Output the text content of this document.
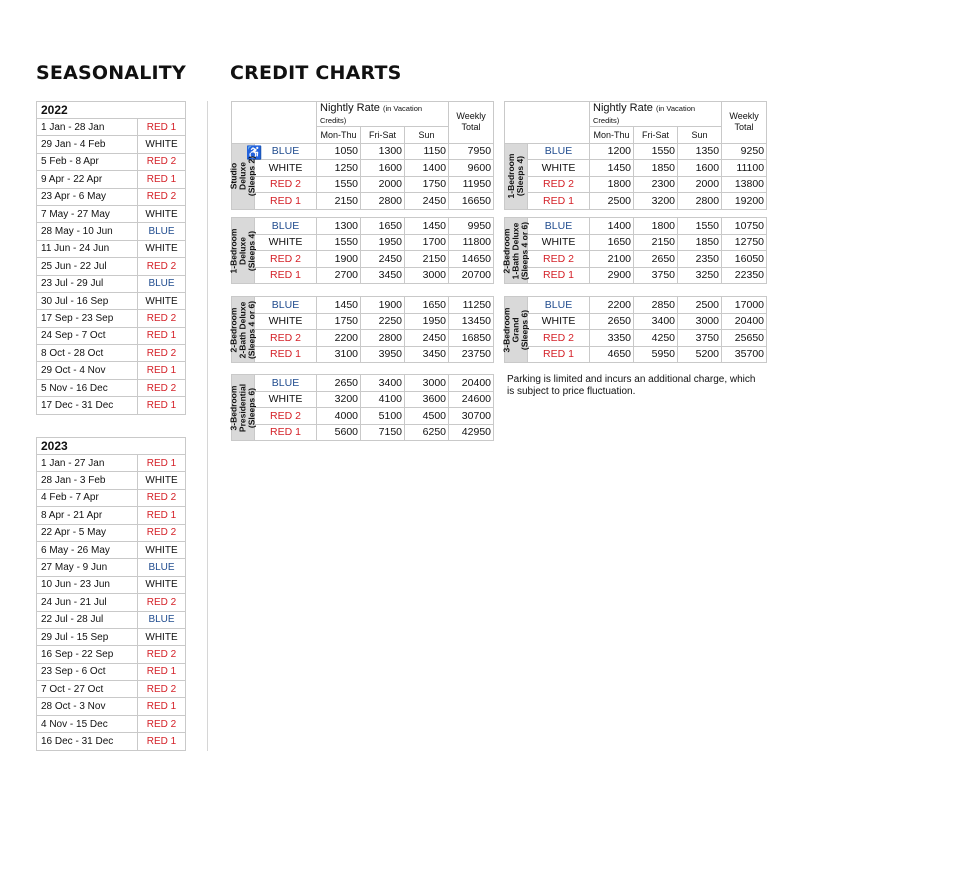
SEASONALITY CREDIT CHARTS
2022	
1 Jan - 28 Jan	RED 1
29 Jan - 4 Feb	WHITE
5 Feb - 8 Apr	RED 2
9 Apr - 22 Apr	RED 1
23 Apr - 6 May	RED 2
7 May - 27 May	WHITE
28 May - 10 Jun	BLUE
11 Jun - 24 Jun	WHITE
25 Jun - 22 Jul	RED 2
23 Jul - 29 Jul	BLUE
30 Jul - 16 Sep	WHITE
17 Sep - 23 Sep	RED 2
24 Sep - 7 Oct	RED 1
8 Oct - 28 Oct	RED 2
29 Oct - 4 Nov	RED 1
5 Nov - 16 Dec	RED 2
17 Dec - 31 Dec	RED 1
2023	
1 Jan - 27 Jan	RED 1
28 Jan - 3 Feb	WHITE
4 Feb - 7 Apr	RED 2
8 Apr - 21 Apr	RED 1
22 Apr - 5 May	RED 2
6 May - 26 May	WHITE
27 May - 9 Jun	BLUE
10 Jun - 23 Jun	WHITE
24 Jun - 21 Jul	RED 2
22 Jul - 28 Jul	BLUE
29 Jul - 15 Sep	WHITE
16 Sep - 22 Sep	RED 2
23 Sep - 6 Oct	RED 1
7 Oct - 27 Oct	RED 2
28 Oct - 3 Nov	RED 1
4 Nov - 15 Dec	RED 2
16 Dec - 31 Dec	RED 1
		Nightly Rate (in Vacation Credits)			Weekly Total
		Mon-Thu	Fri-Sat	Sun	

♿
Studio
Deluxe
(Sleeps 2)	BLUE	1050	1300	1150	7950
	WHITE	1250	1600	1400	9600
	RED 2	1550	2000	1750	11950
	RED 1	2150	2800	2450	16650
1-Bedroom
Deluxe
(Sleeps 4)	BLUE	1300	1650	1450	9950
	WHITE	1550	1950	1700	11800
	RED 2	1900	2450	2150	14650
	RED 1	2700	3450	3000	20700
2-Bedroom
2-Bath Deluxe
(Sleeps 4 or 6)	BLUE	1450	1900	1650	11250
	WHITE	1750	2250	1950	13450
	RED 2	2200	2800	2450	16850
	RED 1	3100	3950	3450	23750
3-Bedroom
Presidential
(Sleeps 6)	BLUE	2650	3400	3000	20400
	WHITE	3200	4100	3600	24600
	RED 2	4000	5100	4500	30700
	RED 1	5600	7150	6250	42950
		Nightly Rate (in Vacation Credits)			Weekly Total
		Mon-Thu	Fri-Sat	Sun	

1-Bedroom
(Sleeps 4)	BLUE	1200	1550	1350	9250
	WHITE	1450	1850	1600	11100
	RED 2	1800	2300	2000	13800
	RED 1	2500	3200	2800	19200
2-Bedroom
1-Bath Deluxe
(Sleeps 4 or 6)	BLUE	1400	1800	1550	10750
	WHITE	1650	2150	1850	12750
	RED 2	2100	2650	2350	16050
	RED 1	2900	3750	3250	22350
3-Bedroom
Grand
(Sleeps 6)	BLUE	2200	2850	2500	17000
	WHITE	2650	3400	3000	20400
	RED 2	3350	4250	3750	25650
	RED 1	4650	5950	5200	35700
Parking is limited and incurs an additional charge, which is subject to price fluctuation.
